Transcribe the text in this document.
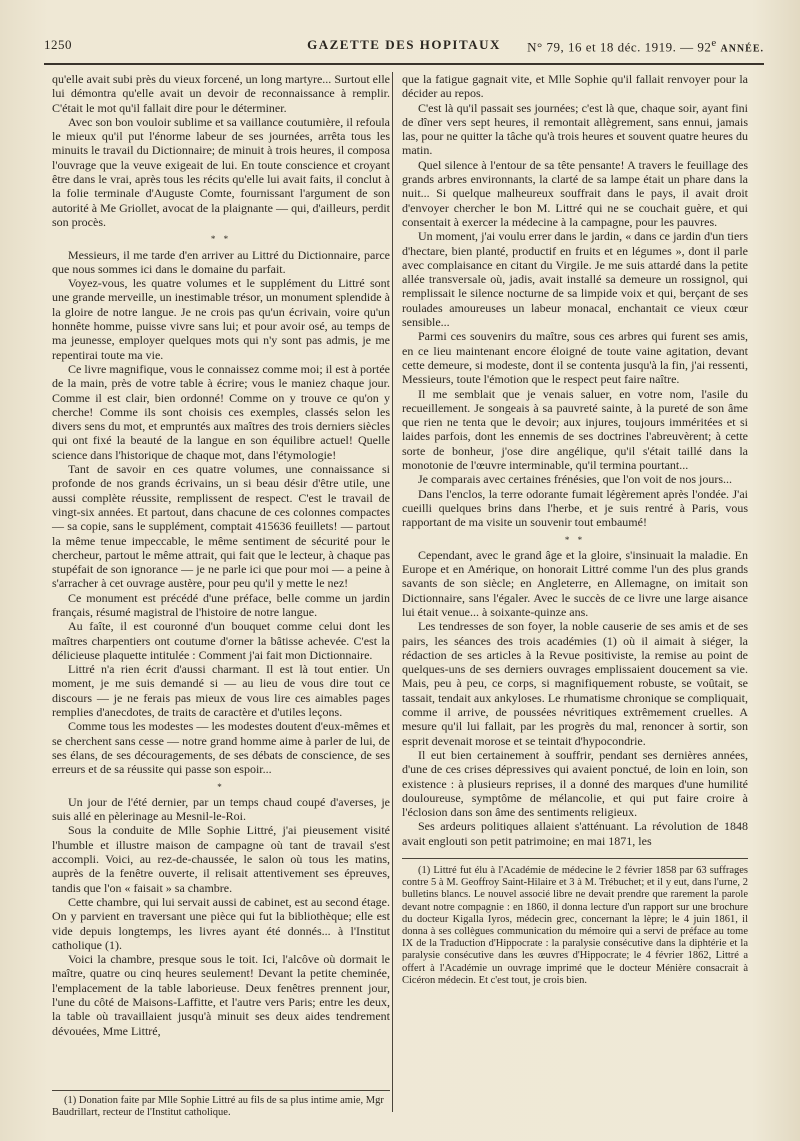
1250	GAZETTE DES HOPITAUX	N° 79, 16 et 18 déc. 1919. — 92e ANNÉE.

qu'elle avait subi près du vieux forcené, un long martyre... Surtout elle lui démontra qu'elle avait un devoir de reconnaissance à remplir. C'était le mot qu'il fallait dire pour le déterminer.

Avec son bon vouloir sublime et sa vaillance coutumière, il refoula le mieux qu'il put l'énorme labeur de ses journées, arrêta tous les minuits le travail du Dictionnaire; de minuit à trois heures, il composa l'ouvrage que la veuve exigeait de lui. En toute conscience et croyant être dans le vrai, après tous les récits qu'elle lui avait faits, il conclut à la folie terminale d'Auguste Comte, fournissant l'argument de son autorité à Me Griollet, avocat de la plaignante — qui, d'ailleurs, perdit son procès.

* *

Messieurs, il me tarde d'en arriver au Littré du Dictionnaire, parce que nous sommes ici dans le domaine du parfait.

Voyez-vous, les quatre volumes et le supplément du Littré sont une grande merveille, un inestimable trésor, un monument splendide à la gloire de notre langue. Je ne crois pas qu'un écrivain, voire qu'un honnête homme, puisse vivre sans lui; et pour avoir osé, au temps de ma jeunesse, employer quelques mots qui n'y sont pas admis, je me repentirai toute ma vie.

Ce livre magnifique, vous le connaissez comme moi; il est à portée de la main, près de votre table à écrire; vous le maniez chaque jour. Comme il est clair, bien ordonné! Comme on y trouve ce qu'on y cherche! Comme ils sont choisis ces exemples, classés selon les divers sens du mot, et empruntés aux maîtres des trois derniers siècles qui ont fixé la beauté de la langue en son équilibre actuel! Quelle science dans l'historique de chaque mot, dans l'étymologie!

Tant de savoir en ces quatre volumes, une connaissance si profonde de nos grands écrivains, un si beau désir d'être utile, une aussi complète réussite, remplissent de respect. C'est le travail de vingt-six années. Et partout, dans chacune de ces colonnes compactes — sa copie, sans le supplément, comptait 415636 feuillets! — partout la même tenue impeccable, le même sentiment de sécurité pour le chercheur, partout le même attrait, qui fait que le lecteur, à chaque pas stupéfait de son ignorance — je ne parle ici que pour moi — a peine à s'arracher à cet ouvrage austère, pour peu qu'il y mette le nez!

Ce monument est précédé d'une préface, belle comme un jardin français, résumé magistral de l'histoire de notre langue.

Au faîte, il est couronné d'un bouquet comme celui dont les maîtres charpentiers ont coutume d'orner la bâtisse achevée. C'est la délicieuse plaquette intitulée : Comment j'ai fait mon Dictionnaire.

Littré n'a rien écrit d'aussi charmant. Il est là tout entier. Un moment, je me suis demandé si — au lieu de vous dire tout ce discours — je ne ferais pas mieux de vous lire ces aimables pages remplies d'anecdotes, de traits de caractère et d'utiles leçons.

Comme tous les modestes — les modestes doutent d'eux-mêmes et se cherchent sans cesse — notre grand homme aime à parler de lui, de ses élans, de ses découragements, de ses débats de conscience, de ses erreurs et de sa réussite qui passe son espoir...

*

Un jour de l'été dernier, par un temps chaud coupé d'averses, je suis allé en pèlerinage au Mesnil-le-Roi.

Sous la conduite de Mlle Sophie Littré, j'ai pieusement visité l'humble et illustre maison de campagne où tant de travail s'est accompli. Voici, au rez-de-chaussée, le salon où tous les matins, auprès de la fenêtre ouverte, il relisait attentivement ses épreuves, tandis que l'on « faisait » sa chambre.

Cette chambre, qui lui servait aussi de cabinet, est au second étage. On y parvient en traversant une pièce qui fut la bibliothèque; elle est vide depuis longtemps, les livres ayant été donnés... à l'Institut catholique (1).

Voici la chambre, presque sous le toit. Ici, l'alcôve où dormait le maître, quatre ou cinq heures seulement! Devant la petite cheminée, l'emplacement de la table laborieuse. Deux fenêtres prennent jour, l'une du côté de Maisons-Laffitte, et l'autre vers Paris; entre les deux, la table où travaillaient jusqu'à minuit ses deux aides tendrement dévouées, Mme Littré,

(1) Donation faite par Mlle Sophie Littré au fils de sa plus intime amie, Mgr Baudrillart, recteur de l'Institut catholique.

que la fatigue gagnait vite, et Mlle Sophie qu'il fallait renvoyer pour la décider au repos.

C'est là qu'il passait ses journées; c'est là que, chaque soir, ayant fini de dîner vers sept heures, il remontait allègrement, sans ennui, jamais las, pour ne quitter la tâche qu'à trois heures et souvent quatre heures du matin.

Quel silence à l'entour de sa tête pensante! A travers le feuillage des grands arbres environnants, la clarté de sa lampe était un phare dans la nuit... Si quelque malheureux souffrait dans le pays, il avait droit d'envoyer chercher le bon M. Littré qui ne se couchait guère, et qui consentait à exercer la médecine à la campagne, pour les pauvres.

Un moment, j'ai voulu errer dans le jardin, « dans ce jardin d'un tiers d'hectare, bien planté, productif en fruits et en légumes », dont il parle avec complaisance en citant du Virgile. Je me suis attardé dans la petite allée transversale où, jadis, avait installé sa demeure un rossignol, qui remplissait le silence nocturne de sa limpide voix et qui, berçant de ses roulades amoureuses un labeur monacal, enchantait ce vieux cœur sensible...

Parmi ces souvenirs du maître, sous ces arbres qui furent ses amis, en ce lieu maintenant encore éloigné de toute vaine agitation, devant cette demeure, si modeste, dont il se contenta jusqu'à la fin, j'ai ressenti, Messieurs, toute l'émotion que le respect peut faire naître.

Il me semblait que je venais saluer, en votre nom, l'asile du recueillement. Je songeais à sa pauvreté sainte, à la pureté de son âme que rien ne tenta que le devoir; aux injures, toujours imméritées et si laides parfois, dont les ennemis de ses doctrines l'abreuvèrent; à cette sorte de bonheur, j'ose dire angélique, qu'il s'était taillé dans la monotonie de l'œuvre interminable, qu'il termina pourtant...

Je comparais avec certaines frénésies, que l'on voit de nos jours...

Dans l'enclos, la terre odorante fumait légèrement après l'ondée. J'ai cueilli quelques brins dans l'herbe, et je suis rentré à Paris, vous rapportant de ma visite un souvenir tout embaumé!

* *

Cependant, avec le grand âge et la gloire, s'insinuait la maladie. En Europe et en Amérique, on honorait Littré comme l'un des plus grands savants de son siècle; en Angleterre, en Allemagne, on imitait son Dictionnaire, sans l'égaler. Avec le succès de ce livre une large aisance lui était venue... à soixante-quinze ans.

Les tendresses de son foyer, la noble causerie de ses amis et de ses pairs, les séances des trois académies (1) où il aimait à siéger, la rédaction de ses articles à la Revue positiviste, la remise au point de quelques-uns de ses derniers ouvrages emplissaient doucement sa vie. Mais, peu à peu, ce corps, si magnifiquement robuste, se voûtait, se tassait, tendait aux ankyloses. Le rhumatisme chronique se compliquait, comme il arrive, de poussées névritiques extrêmement cruelles. A mesure qu'il lui fallait, par les progrès du mal, renoncer à sortir, son esprit devenait morose et se teintait d'hypocondrie.

Il eut bien certainement à souffrir, pendant ses dernières années, d'une de ces crises dépressives qui avaient ponctué, de loin en loin, son existence : à plusieurs reprises, il a donné des marques d'une humilité douloureuse, symptôme de mélancolie, et qui put faire croire à l'éclosion dans son âme des sentiments religieux.

Ses ardeurs politiques allaient s'atténuant. La révolution de 1848 avait englouti son petit patrimoine; en mai 1871, les

(1) Littré fut élu à l'Académie de médecine le 2 février 1858 par 63 suffrages contre 5 à M. Geoffroy Saint-Hilaire et 3 à M. Trébuchet; et il y eut, dans l'urne, 2 bulletins blancs. Le nouvel associé libre ne devait prendre que rarement la parole devant notre compagnie : en 1860, il donna lecture d'un rapport sur une brochure du docteur Kigalla Iyros, médecin grec, concernant la lèpre; le 4 juin 1861, il donna à ses collègues communication du mémoire qui a servi de préface au tome IX de la Traduction d'Hippocrate : la paralysie consécutive dans la diphtérie et la paralysie consécutive dans les œuvres d'Hippocrate; le 4 février 1862, Littré a offert à l'Académie un ouvrage imprimé que le docteur Ménière consacrait à Cicéron médecin. Et c'est tout, je crois bien.
